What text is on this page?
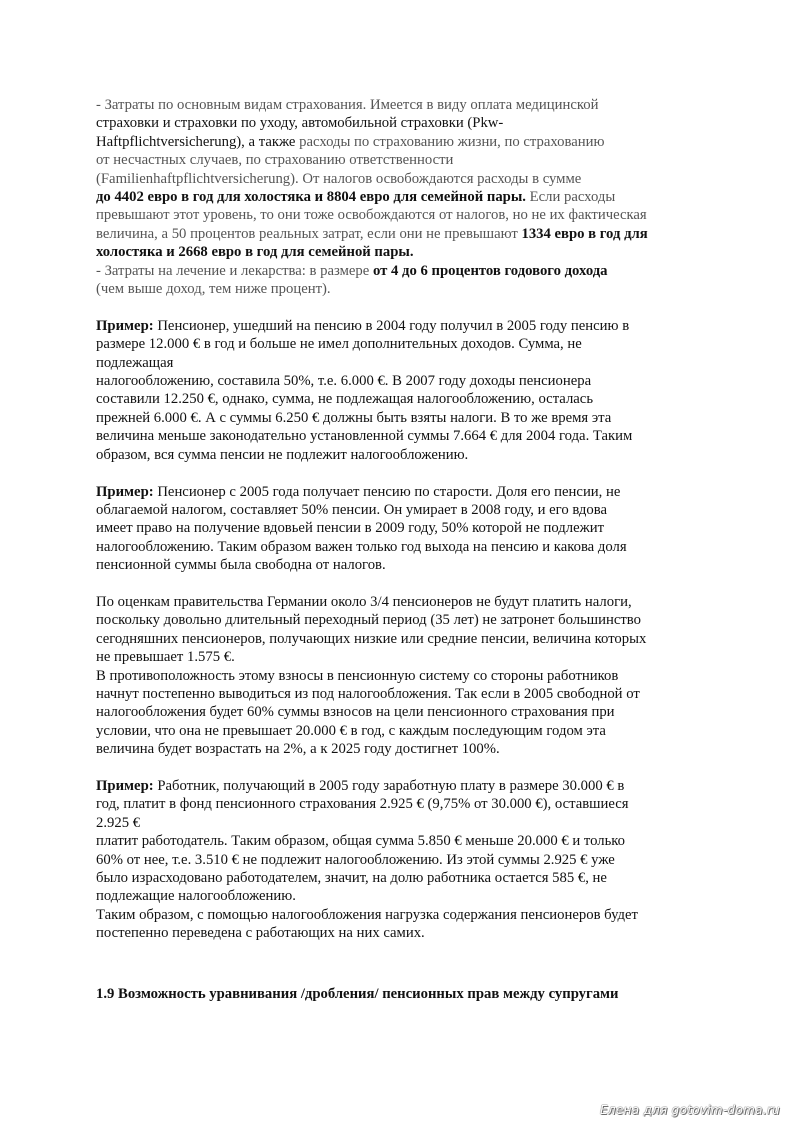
- Затраты по основным видам страхования. Имеется в виду оплата медицинской
страховки и страховки по уходу, автомобильной страховки (Pkw-
Haftpflichtversicherung), а также расходы по страхованию жизни, по страхованию
от несчастных случаев, по страхованию ответственности
(Familienhaftpflichtversicherung). От налогов освобождаются расходы в сумме
до 4402 евро в год для холостяка и 8804 евро для семейной пары. Если расходы
превышают этот уровень, то они тоже освобождаются от налогов, но не их фактическая
величина, а 50 процентов реальных затрат, если они не превышают 1334 евро в год для
холостяка и 2668 евро в год для семейной пары.
- Затраты на лечение и лекарства: в размере от 4 до 6 процентов годового дохода
(чем выше доход, тем ниже процент).
Пример: Пенсионер, ушедший на пенсию в 2004 году получил в 2005 году пенсию в
размере 12.000 € в год и больше не имел дополнительных доходов. Сумма, не
подлежащая
налогообложению, составила 50%, т.е. 6.000 €. В 2007 году доходы пенсионера
составили 12.250 €, однако, сумма, не подлежащая налогообложению, осталась
прежней 6.000 €. А с суммы 6.250 € должны быть взяты налоги. В то же время эта
величина меньше законодательно установленной суммы 7.664 € для 2004 года. Таким
образом, вся сумма пенсии не подлежит налогообложению.
Пример: Пенсионер с 2005 года получает пенсию по старости. Доля его пенсии, не
облагаемой налогом, составляет 50% пенсии. Он умирает в 2008 году, и его вдова
имеет право на получение вдовьей пенсии в 2009 году, 50% которой не подлежит
налогообложению. Таким образом важен только год выхода на пенсию и какова доля
пенсионной суммы была свободна от налогов.
По оценкам правительства Германии около 3/4 пенсионеров не будут платить налоги,
поскольку довольно длительный переходный период (35 лет) не затронет большинство
сегодняшних пенсионеров, получающих низкие или средние пенсии, величина которых
не превышает 1.575 €.
В противоположность этому взносы в пенсионную систему со стороны работников
начнут постепенно выводиться из под налогообложения. Так если в 2005 свободной от
налогообложения будет 60% суммы взносов на цели пенсионного страхования при
условии, что она не превышает 20.000 € в год, с каждым последующим годом эта
величина будет возрастать на 2%, а к 2025 году достигнет 100%.
Пример: Работник, получающий в 2005 году заработную плату в размере 30.000 € в
год, платит в фонд пенсионного страхования 2.925 € (9,75% от 30.000 €), оставшиеся
2.925 €
платит работодатель. Таким образом, общая сумма 5.850 € меньше 20.000 € и только
60% от нее, т.е. 3.510 € не подлежит налогообложению. Из этой суммы 2.925 € уже
было израсходовано работодателем, значит, на долю работника остается 585 €, не
подлежащие налогообложению.
Таким образом, с помощью налогообложения нагрузка содержания пенсионеров будет
постепенно переведена с работающих на них самих.
1.9 Возможность уравнивания /дробления/ пенсионных прав между супругами
Елена для gotovim-doma.ru
